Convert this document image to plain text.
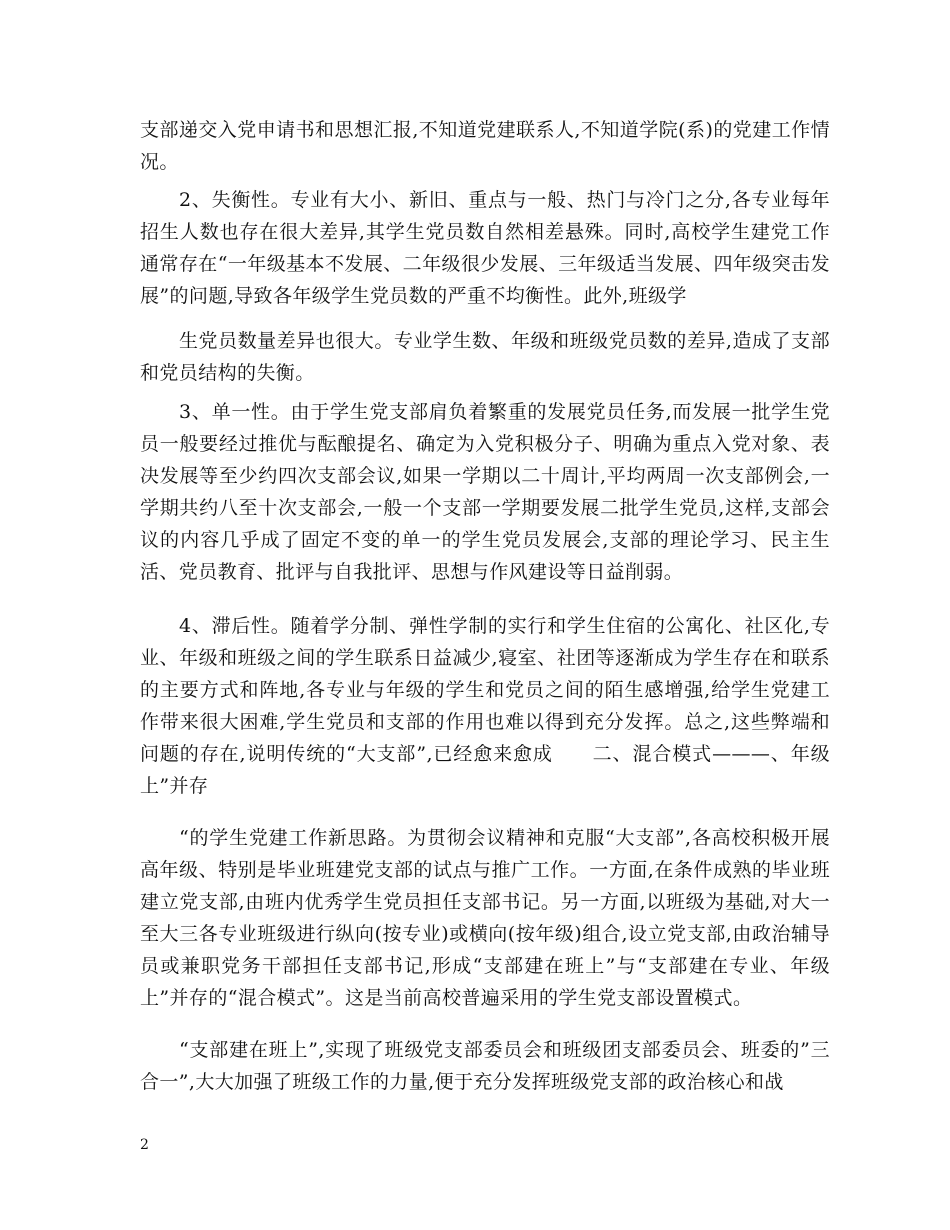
支部递交入党申请书和思想汇报,不知道党建联系人,不知道学院(系)的党建工作情况。

2、失衡性。专业有大小、新旧、重点与一般、热门与冷门之分,各专业每年招生人数也存在很大差异,其学生党员数自然相差悬殊。同时,高校学生建党工作通常存在“一年级基本不发展、二年级很少发展、三年级适当发展、四年级突击发展”的问题,导致各年级学生党员数的严重不均衡性。此外,班级学

生党员数量差异也很大。专业学生数、年级和班级党员数的差异,造成了支部和党员结构的失衡。

3、单一性。由于学生党支部肩负着繁重的发展党员任务,而发展一批学生党员一般要经过推优与酝酿提名、确定为入党积极分子、明确为重点入党对象、表决发展等至少约四次支部会议,如果一学期以二十周计,平均两周一次支部例会,一学期共约八至十次支部会,一般一个支部一学期要发展二批学生党员,这样,支部会议的内容几乎成了固定不变的单一的学生党员发展会,支部的理论学习、民主生活、党员教育、批评与自我批评、思想与作风建设等日益削弱。

4、滞后性。随着学分制、弹性学制的实行和学生住宿的公寓化、社区化,专业、年级和班级之间的学生联系日益减少,寝室、社团等逐渐成为学生存在和联系的主要方式和阵地,各专业与年级的学生和党员之间的陌生感增强,给学生党建工作带来很大困难,学生党员和支部的作用也难以得到充分发挥。总之,这些弊端和问题的存在,说明传统的“大支部”,已经愈来愈成　　二、混合模式———、年级上”并存

“的学生党建工作新思路。为贯彻会议精神和克服“大支部”,各高校积极开展高年级、特别是毕业班建党支部的试点与推广工作。一方面,在条件成熟的毕业班建立党支部,由班内优秀学生党员担任支部书记。另一方面,以班级为基础,对大一至大三各专业班级进行纵向(按专业)或横向(按年级)组合,设立党支部,由政治辅导员或兼职党务干部担任支部书记,形成“支部建在班上”与“支部建在专业、年级上”并存的“混合模式”。这是当前高校普遍采用的学生党支部设置模式。

“支部建在班上”,实现了班级党支部委员会和班级团支部委员会、班委的”三合一”,大大加强了班级工作的力量,便于充分发挥班级党支部的政治核心和战

2
